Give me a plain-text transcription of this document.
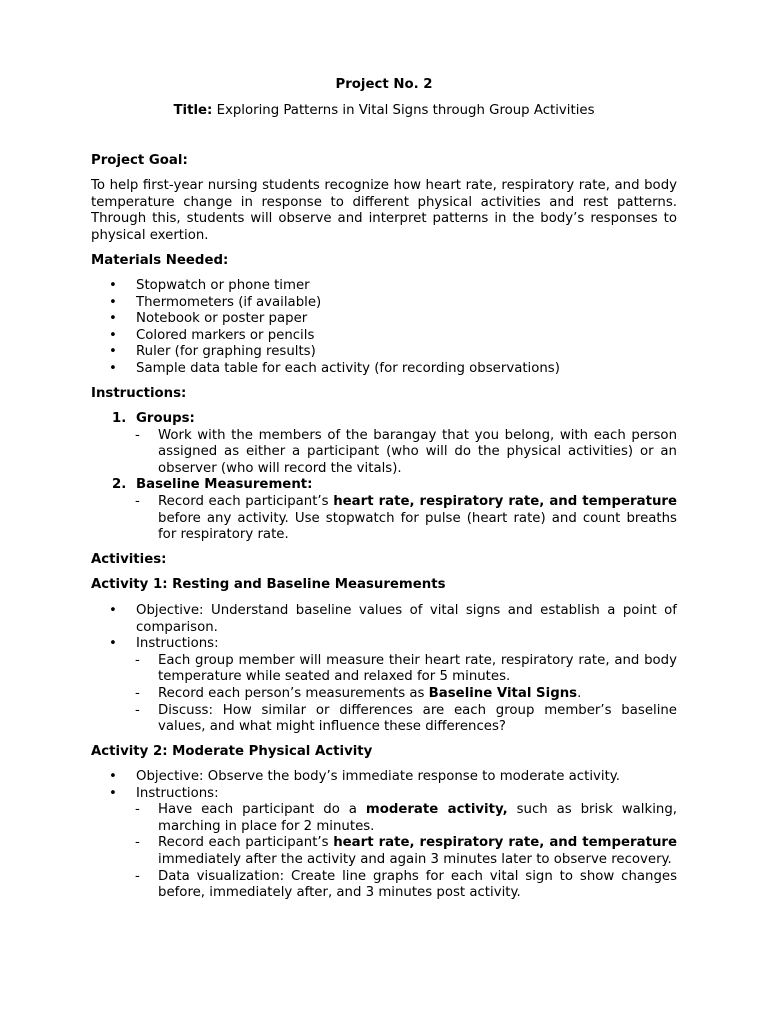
Project No. 2
Title: Exploring Patterns in Vital Signs through Group Activities
Project Goal:

To help first-year nursing students recognize how heart rate, respiratory rate, and body temperature change in response to different physical activities and rest patterns. Through this, students will observe and interpret patterns in the body’s responses to physical exertion.

Materials Needed:
• Stopwatch or phone timer
• Thermometers (if available)
• Notebook or poster paper
• Colored markers or pencils
• Ruler (for graphing results)
• Sample data table for each activity (for recording observations)
Instructions:
1. Groups:
- Work with the members of the barangay that you belong, with each person assigned as either a participant (who will do the physical activities) or an observer (who will record the vitals).
2. Baseline Measurement:
- Record each participant’s heart rate, respiratory rate, and temperature before any activity. Use stopwatch for pulse (heart rate) and count breaths for respiratory rate.
Activities:
Activity 1: Resting and Baseline Measurements
• Objective: Understand baseline values of vital signs and establish a point of comparison.
• Instructions:
- Each group member will measure their heart rate, respiratory rate, and body temperature while seated and relaxed for 5 minutes.
- Record each person’s measurements as Baseline Vital Signs.
- Discuss: How similar or differences are each group member’s baseline values, and what might influence these differences?
Activity 2: Moderate Physical Activity
• Objective: Observe the body’s immediate response to moderate activity.
• Instructions:
- Have each participant do a moderate activity, such as brisk walking, marching in place for 2 minutes.
- Record each participant’s heart rate, respiratory rate, and temperature immediately after the activity and again 3 minutes later to observe recovery.
- Data visualization: Create line graphs for each vital sign to show changes before, immediately after, and 3 minutes post activity.
